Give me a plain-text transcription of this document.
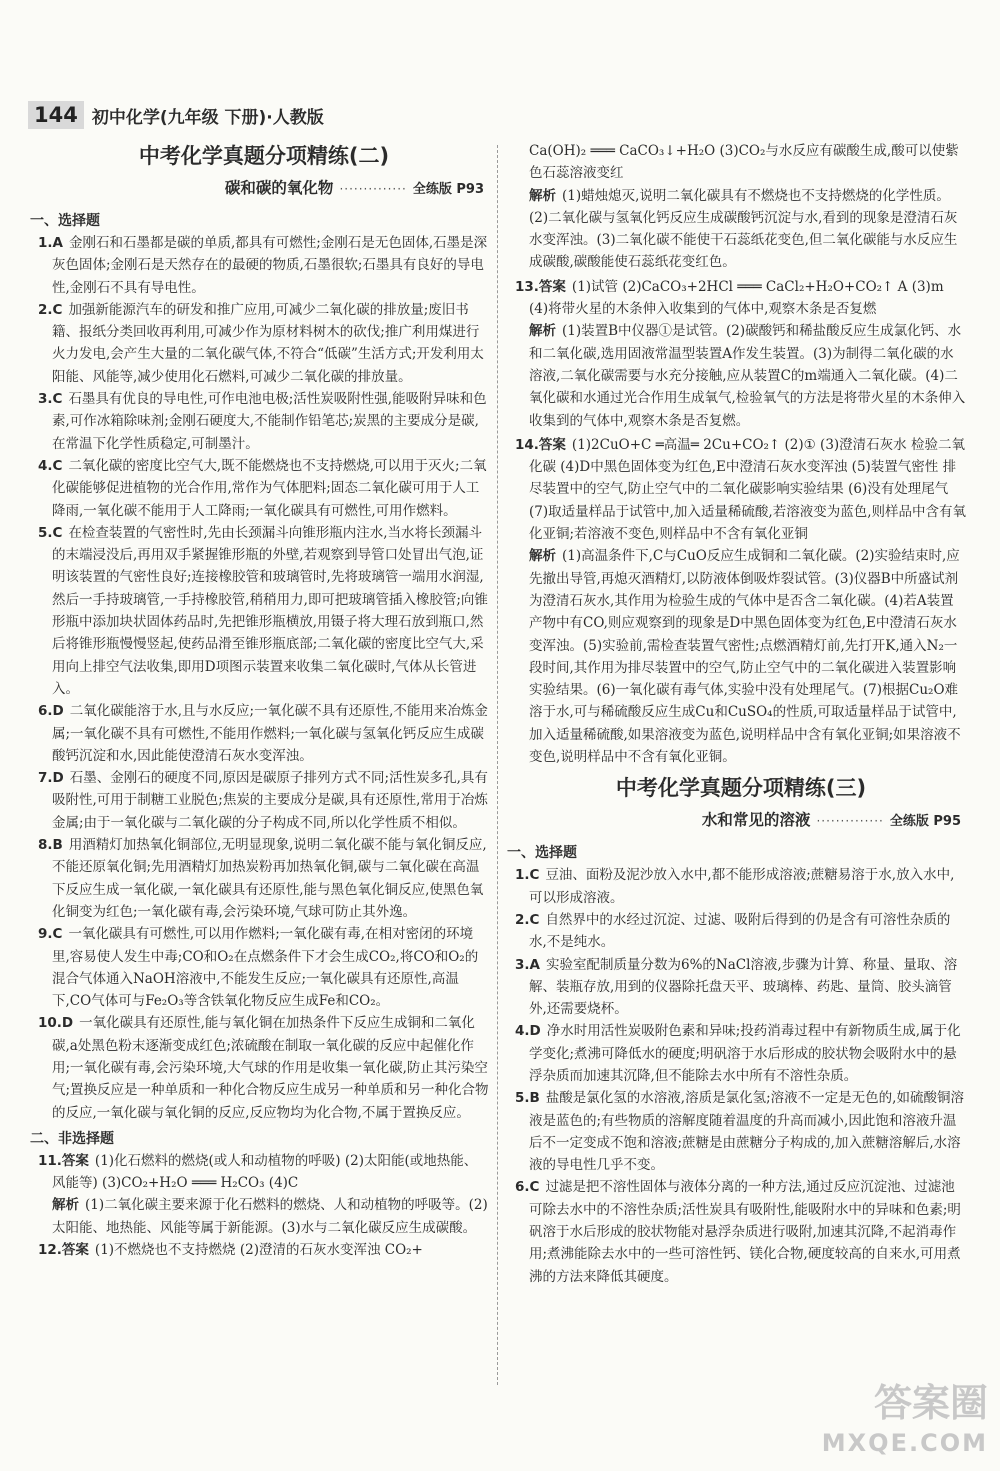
144 初中化学(九年级 下册)·人教版
中考化学真题分项精练(二)
碳和碳的氧化物 ·············· 全练版 P93
一、选择题

1.A 金刚石和石墨都是碳的单质,都具有可燃性;金刚石是无色固体,石墨是深灰色固体;金刚石是天然存在的最硬的物质,石墨很软;石墨具有良好的导电性,金刚石不具有导电性。

2.C 加强新能源汽车的研发和推广应用,可减少二氧化碳的排放量;废旧书籍、报纸分类回收再利用,可减少作为原材料树木的砍伐;推广利用煤进行火力发电,会产生大量的二氧化碳气体,不符合“低碳”生活方式;开发利用太阳能、风能等,减少使用化石燃料,可减少二氧化碳的排放量。

3.C 石墨具有优良的导电性,可作电池电极;活性炭吸附性强,能吸附异味和色素,可作冰箱除味剂;金刚石硬度大,不能制作铅笔芯;炭黑的主要成分是碳,在常温下化学性质稳定,可制墨汁。

4.C 二氧化碳的密度比空气大,既不能燃烧也不支持燃烧,可以用于灭火;二氧化碳能够促进植物的光合作用,常作为气体肥料;固态二氧化碳可用于人工降雨,一氧化碳不能用于人工降雨;一氧化碳具有可燃性,可用作燃料。

5.C 在检查装置的气密性时,先由长颈漏斗向锥形瓶内注水,当水将长颈漏斗的末端浸没后,再用双手紧握锥形瓶的外壁,若观察到导管口处冒出气泡,证明该装置的气密性良好;连接橡胶管和玻璃管时,先将玻璃管一端用水润湿,然后一手持玻璃管,一手持橡胶管,稍稍用力,即可把玻璃管插入橡胶管;向锥形瓶中添加块状固体药品时,先把锥形瓶横放,用镊子将大理石放到瓶口,然后将锥形瓶慢慢竖起,使药品滑至锥形瓶底部;二氧化碳的密度比空气大,采用向上排空气法收集,即用D项图示装置来收集二氧化碳时,气体从长管进入。

6.D 二氧化碳能溶于水,且与水反应;一氧化碳不具有还原性,不能用来冶炼金属;一氧化碳不具有可燃性,不能用作燃料;一氧化碳与氢氧化钙反应生成碳酸钙沉淀和水,因此能使澄清石灰水变浑浊。

7.D 石墨、金刚石的硬度不同,原因是碳原子排列方式不同;活性炭多孔,具有吸附性,可用于制糖工业脱色;焦炭的主要成分是碳,具有还原性,常用于冶炼金属;由于一氧化碳与二氧化碳的分子构成不同,所以化学性质不相似。

8.B 用酒精灯加热氧化铜部位,无明显现象,说明二氧化碳不能与氧化铜反应,不能还原氧化铜;先用酒精灯加热炭粉再加热氧化铜,碳与二氧化碳在高温下反应生成一氧化碳,一氧化碳具有还原性,能与黑色氧化铜反应,使黑色氧化铜变为红色;一氧化碳有毒,会污染环境,气球可防止其外逸。

9.C 一氧化碳具有可燃性,可以用作燃料;一氧化碳有毒,在相对密闭的环境里,容易使人发生中毒;CO和O₂在点燃条件下才会生成CO₂,将CO和O₂的混合气体通入NaOH溶液中,不能发生反应;一氧化碳具有还原性,高温下,CO气体可与Fe₂O₃等含铁氧化物反应生成Fe和CO₂。

10.D 一氧化碳具有还原性,能与氧化铜在加热条件下反应生成铜和二氧化碳,a处黑色粉末逐渐变成红色;浓硫酸在制取一氧化碳的反应中起催化作用;一氧化碳有毒,会污染环境,大气球的作用是收集一氧化碳,防止其污染空气;置换反应是一种单质和一种化合物反应生成另一种单质和另一种化合物的反应,一氧化碳与氧化铜的反应,反应物均为化合物,不属于置换反应。

二、非选择题

11.答案 (1)化石燃料的燃烧(或人和动植物的呼吸) (2)太阳能(或地热能、风能等) (3)CO₂+H₂O ═══ H₂CO₃ (4)C

解析 (1)二氧化碳主要来源于化石燃料的燃烧、人和动植物的呼吸等。(2)太阳能、地热能、风能等属于新能源。(3)水与二氧化碳反应生成碳酸。

12.答案 (1)不燃烧也不支持燃烧 (2)澄清的石灰水变浑浊 CO₂+

Ca(OH)₂ ═══ CaCO₃↓+H₂O (3)CO₂与水反应有碳酸生成,酸可以使紫色石蕊溶液变红

解析 (1)蜡烛熄灭,说明二氧化碳具有不燃烧也不支持燃烧的化学性质。(2)二氧化碳与氢氧化钙反应生成碳酸钙沉淀与水,看到的现象是澄清石灰水变浑浊。(3)二氧化碳不能使干石蕊纸花变色,但二氧化碳能与水反应生成碳酸,碳酸能使石蕊纸花变红色。

13.答案 (1)试管 (2)CaCO₃+2HCl ═══ CaCl₂+H₂O+CO₂↑ A (3)m (4)将带火星的木条伸入收集到的气体中,观察木条是否复燃

解析 (1)装置B中仪器①是试管。(2)碳酸钙和稀盐酸反应生成氯化钙、水和二氧化碳,选用固液常温型装置A作发生装置。(3)为制得二氧化碳的水溶液,二氧化碳需要与水充分接触,应从装置C的m端通入二氧化碳。(4)二氧化碳和水通过光合作用生成氧气,检验氧气的方法是将带火星的木条伸入收集到的气体中,观察木条是否复燃。

14.答案 (1)2CuO+C ═高温═ 2Cu+CO₂↑ (2)① (3)澄清石灰水 检验二氧化碳 (4)D中黑色固体变为红色,E中澄清石灰水变浑浊 (5)装置气密性 排尽装置中的空气,防止空气中的二氧化碳影响实验结果 (6)没有处理尾气 (7)取适量样品于试管中,加入适量稀硫酸,若溶液变为蓝色,则样品中含有氧化亚铜;若溶液不变色,则样品中不含有氧化亚铜

解析 (1)高温条件下,C与CuO反应生成铜和二氧化碳。(2)实验结束时,应先撤出导管,再熄灭酒精灯,以防液体倒吸炸裂试管。(3)仪器B中所盛试剂为澄清石灰水,其作用为检验生成的气体中是否含二氧化碳。(4)若A装置产物中有CO,则应观察到的现象是D中黑色固体变为红色,E中澄清石灰水变浑浊。(5)实验前,需检查装置气密性;点燃酒精灯前,先打开K,通入N₂一段时间,其作用为排尽装置中的空气,防止空气中的二氧化碳进入装置影响实验结果。(6)一氧化碳有毒气体,实验中没有处理尾气。(7)根据Cu₂O难溶于水,可与稀硫酸反应生成Cu和CuSO₄的性质,可取适量样品于试管中,加入适量稀硫酸,如果溶液变为蓝色,说明样品中含有氧化亚铜;如果溶液不变色,说明样品中不含有氧化亚铜。

中考化学真题分项精练(三)
水和常见的溶液 ·············· 全练版 P95
一、选择题

1.C 豆油、面粉及泥沙放入水中,都不能形成溶液;蔗糖易溶于水,放入水中,可以形成溶液。

2.C 自然界中的水经过沉淀、过滤、吸附后得到的仍是含有可溶性杂质的水,不是纯水。

3.A 实验室配制质量分数为6%的NaCl溶液,步骤为计算、称量、量取、溶解、装瓶存放,用到的仪器除托盘天平、玻璃棒、药匙、量筒、胶头滴管外,还需要烧杯。

4.D 净水时用活性炭吸附色素和异味;投药消毒过程中有新物质生成,属于化学变化;煮沸可降低水的硬度;明矾溶于水后形成的胶状物会吸附水中的悬浮杂质而加速其沉降,但不能除去水中所有不溶性杂质。

5.B 盐酸是氯化氢的水溶液,溶质是氯化氢;溶液不一定是无色的,如硫酸铜溶液是蓝色的;有些物质的溶解度随着温度的升高而减小,因此饱和溶液升温后不一定变成不饱和溶液;蔗糖是由蔗糖分子构成的,加入蔗糖溶解后,水溶液的导电性几乎不变。

6.C 过滤是把不溶性固体与液体分离的一种方法,通过反应沉淀池、过滤池可除去水中的不溶性杂质;活性炭具有吸附性,能吸附水中的异味和色素;明矾溶于水后形成的胶状物能对悬浮杂质进行吸附,加速其沉降,不起消毒作用;煮沸能除去水中的一些可溶性钙、镁化合物,硬度较高的自来水,可用煮沸的方法来降低其硬度。

答案圈
MXQE.COM
